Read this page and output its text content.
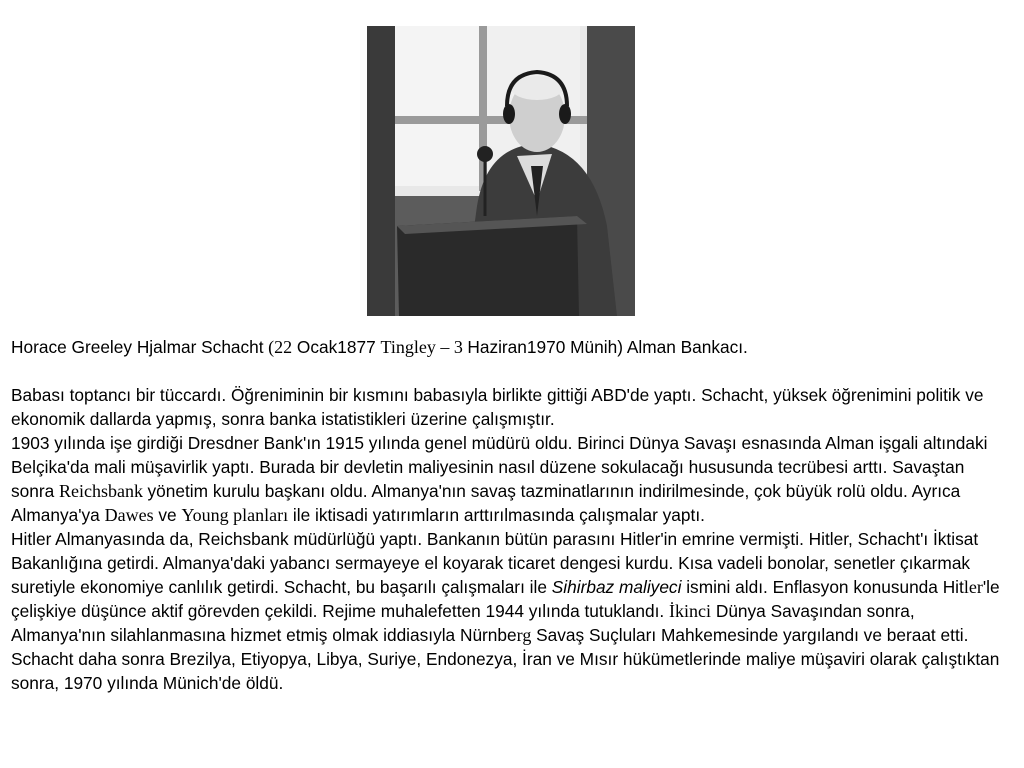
Horace Greeley Hjalmar Schacht (22 Ocak1877 Tingley – 3 Haziran1970 Münih) Alman Bankacı.

Babası toptancı bir tüccardı. Öğreniminin bir kısmını babasıyla birlikte gittiği ABD'de yaptı. Schacht, yüksek öğrenimini politik ve ekonomik dallarda yapmış, sonra banka istatistikleri üzerine çalışmıştır.

1903 yılında işe girdiği Dresdner Bank'ın 1915 yılında genel müdürü oldu. Birinci Dünya Savaşı esnasında Alman işgali altındaki Belçika'da mali müşavirlik yaptı. Burada bir devletin maliyesinin nasıl düzene sokulacağı hususunda tecrübesi arttı. Savaştan sonra Reichsbank yönetim kurulu başkanı oldu. Almanya'nın savaş tazminatlarının indirilmesinde, çok büyük rolü oldu. Ayrıca Almanya'ya Dawes ve Young planları ile iktisadi yatırımların arttırılmasında çalışmalar yaptı.

Hitler Almanyasında da, Reichsbank müdürlüğü yaptı. Bankanın bütün parasını Hitler'in emrine vermişti. Hitler, Schacht'ı İktisat Bakanlığına getirdi. Almanya'daki yabancı sermayeye el koyarak ticaret dengesi kurdu. Kısa vadeli bonolar, senetler çıkarmak suretiyle ekonomiye canlılık getirdi. Schacht, bu başarılı çalışmaları ile Sihirbaz maliyeci ismini aldı. Enflasyon konusunda Hitler'le çelişkiye düşünce aktif görevden çekildi. Rejime muhalefetten 1944 yılında tutuklandı. İkinci Dünya Savaşından sonra, Almanya'nın silahlanmasına hizmet etmiş olmak iddiasıyla Nürnberg Savaş Suçluları Mahkemesinde yargılandı ve beraat etti.

Schacht daha sonra Brezilya, Etiyopya, Libya, Suriye, Endonezya, İran ve Mısır hükümetlerinde maliye müşaviri olarak çalıştıktan sonra, 1970 yılında Münich'de öldü.
